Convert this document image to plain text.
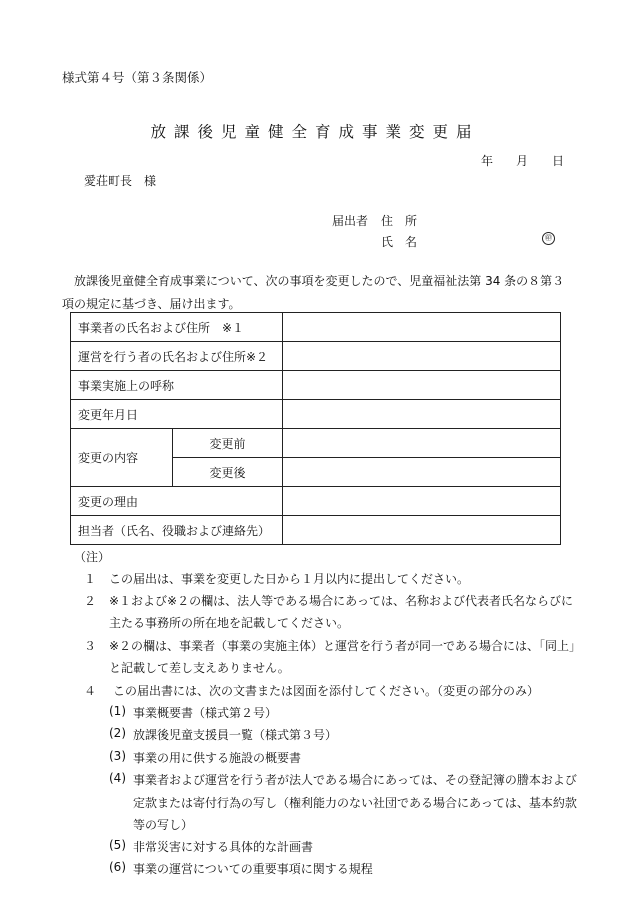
様式第４号（第３条関係）
放課後児童健全育成事業変更届
年 月 日
愛荘町長　様
届出者 住　所
氏　名	㊞

放課後児童健全育成事業について、次の事項を変更したので、児童福祉法第 34 条の８第３項の規定に基づき、届け出ます。

事業者の氏名および住所　※１		
運営を行う者の氏名および住所※２		
事業実施上の呼称		
変更年月日		
変更の内容	変更前	
	変更後	
変更の理由		
担当者（氏名、役職および連絡先）		
（注）
１ この届出は、事業を変更した日から１月以内に提出してください。
２ ※１および※２の欄は、法人等である場合にあっては、名称および代表者氏名ならびに
主たる事務所の所在地を記載してください。
３ ※２の欄は、事業者（事業の実施主体）と運営を行う者が同一である場合には、「同上」
と記載して差し支えありません。
４ この届出書には、次の文書または図面を添付してください。（変更の部分のみ）
(1) 事業概要書（様式第２号）
(2) 放課後児童支援員一覧（様式第３号）
(3) 事業の用に供する施設の概要書
(4) 事業者および運営を行う者が法人である場合にあっては、その登記簿の謄本および
定款または寄付行為の写し（権利能力のない社団である場合にあっては、基本約款
等の写し）
(5) 非常災害に対する具体的な計画書
(6) 事業の運営についての重要事項に関する規程
